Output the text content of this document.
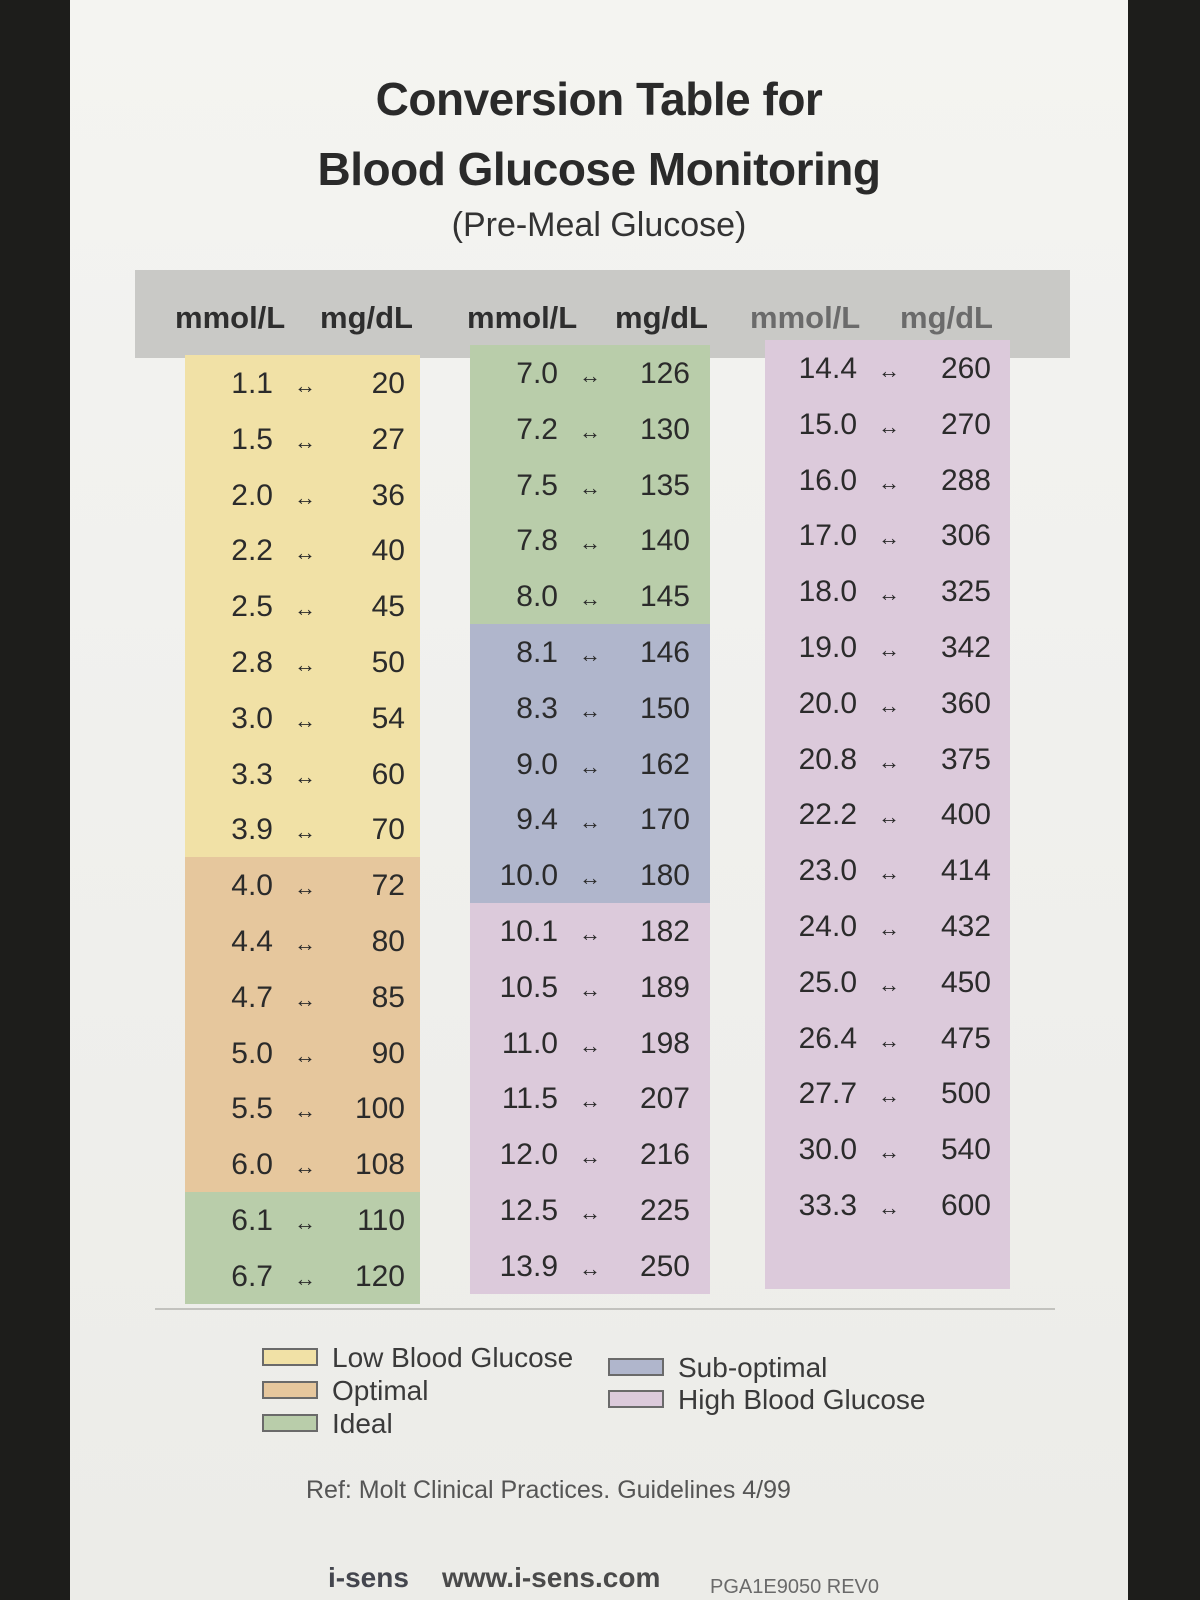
Conversion Table for
Blood Glucose Monitoring
(Pre-Meal Glucose)
mmol/L mg/dL mmol/L mg/dL mmol/L mg/dL
1.1 ↔	20
1.5 ↔	27
2.0 ↔	36
2.2 ↔	40
2.5 ↔	45
2.8 ↔	50
3.0 ↔	54
3.3 ↔	60
3.9 ↔	70
4.0 ↔	72
4.4 ↔	80
4.7 ↔	85
5.0 ↔	90
5.5 ↔	100
6.0 ↔	108
6.1 ↔	110
6.7 ↔	120
7.0 ↔	126
7.2 ↔	130
7.5 ↔	135
7.8 ↔	140
8.0 ↔	145
8.1 ↔	146
8.3 ↔	150
9.0 ↔	162
9.4 ↔	170
10.0 ↔	180
10.1 ↔	182
10.5 ↔	189
11.0 ↔	198
11.5 ↔	207
12.0 ↔	216
12.5 ↔	225
13.9 ↔	250
14.4 ↔	260
15.0 ↔	270
16.0 ↔	288
17.0 ↔	306
18.0 ↔	325
19.0 ↔	342
20.0 ↔	360
20.8 ↔	375
22.2 ↔	400
23.0 ↔	414
24.0 ↔	432
25.0 ↔	450
26.4 ↔	475
27.7 ↔	500
30.0 ↔	540
33.3 ↔	600
Low Blood Glucose
Optimal
Ideal
Sub-optimal
High Blood Glucose
Ref: Molt Clinical Practices. Guidelines 4/99
i-sens www.i-sens.com PGA1E9050 REV0
